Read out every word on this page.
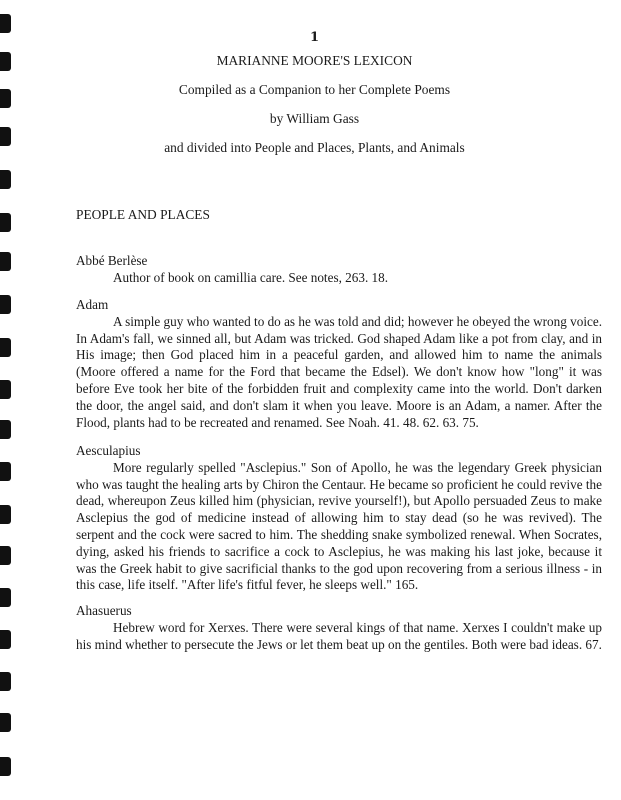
1
MARIANNE MOORE'S LEXICON
Compiled as a Companion to her Complete Poems
by William Gass
and divided into People and Places, Plants, and Animals
PEOPLE AND PLACES
Abbé Berlèse
Author of book on camillia care. See notes, 263. 18.
Adam
A simple guy who wanted to do as he was told and did; however he obeyed the wrong voice. In Adam's fall, we sinned all, but Adam was tricked. God shaped Adam like a pot from clay, and in His image; then God placed him in a peaceful garden, and allowed him to name the animals (Moore offered a name for the Ford that became the Edsel). We don't know how "long" it was before Eve took her bite of the forbidden fruit and complexity came into the world. Don't darken the door, the angel said, and don't slam it when you leave. Moore is an Adam, a namer. After the Flood, plants had to be recreated and renamed. See Noah. 41. 48. 62. 63. 75.
Aesculapius
More regularly spelled "Asclepius." Son of Apollo, he was the legendary Greek physician who was taught the healing arts by Chiron the Centaur. He became so proficient he could revive the dead, whereupon Zeus killed him (physician, revive yourself!), but Apollo persuaded Zeus to make Asclepius the god of medicine instead of allowing him to stay dead (so he was revived). The serpent and the cock were sacred to him. The shedding snake symbolized renewal. When Socrates, dying, asked his friends to sacrifice a cock to Asclepius, he was making his last joke, because it was the Greek habit to give sacrificial thanks to the god upon recovering from a serious illness - in this case, life itself. "After life's fitful fever, he sleeps well." 165.
Ahasuerus
Hebrew word for Xerxes. There were several kings of that name. Xerxes I couldn't make up his mind whether to persecute the Jews or let them beat up on the gentiles. Both were bad ideas. 67.
